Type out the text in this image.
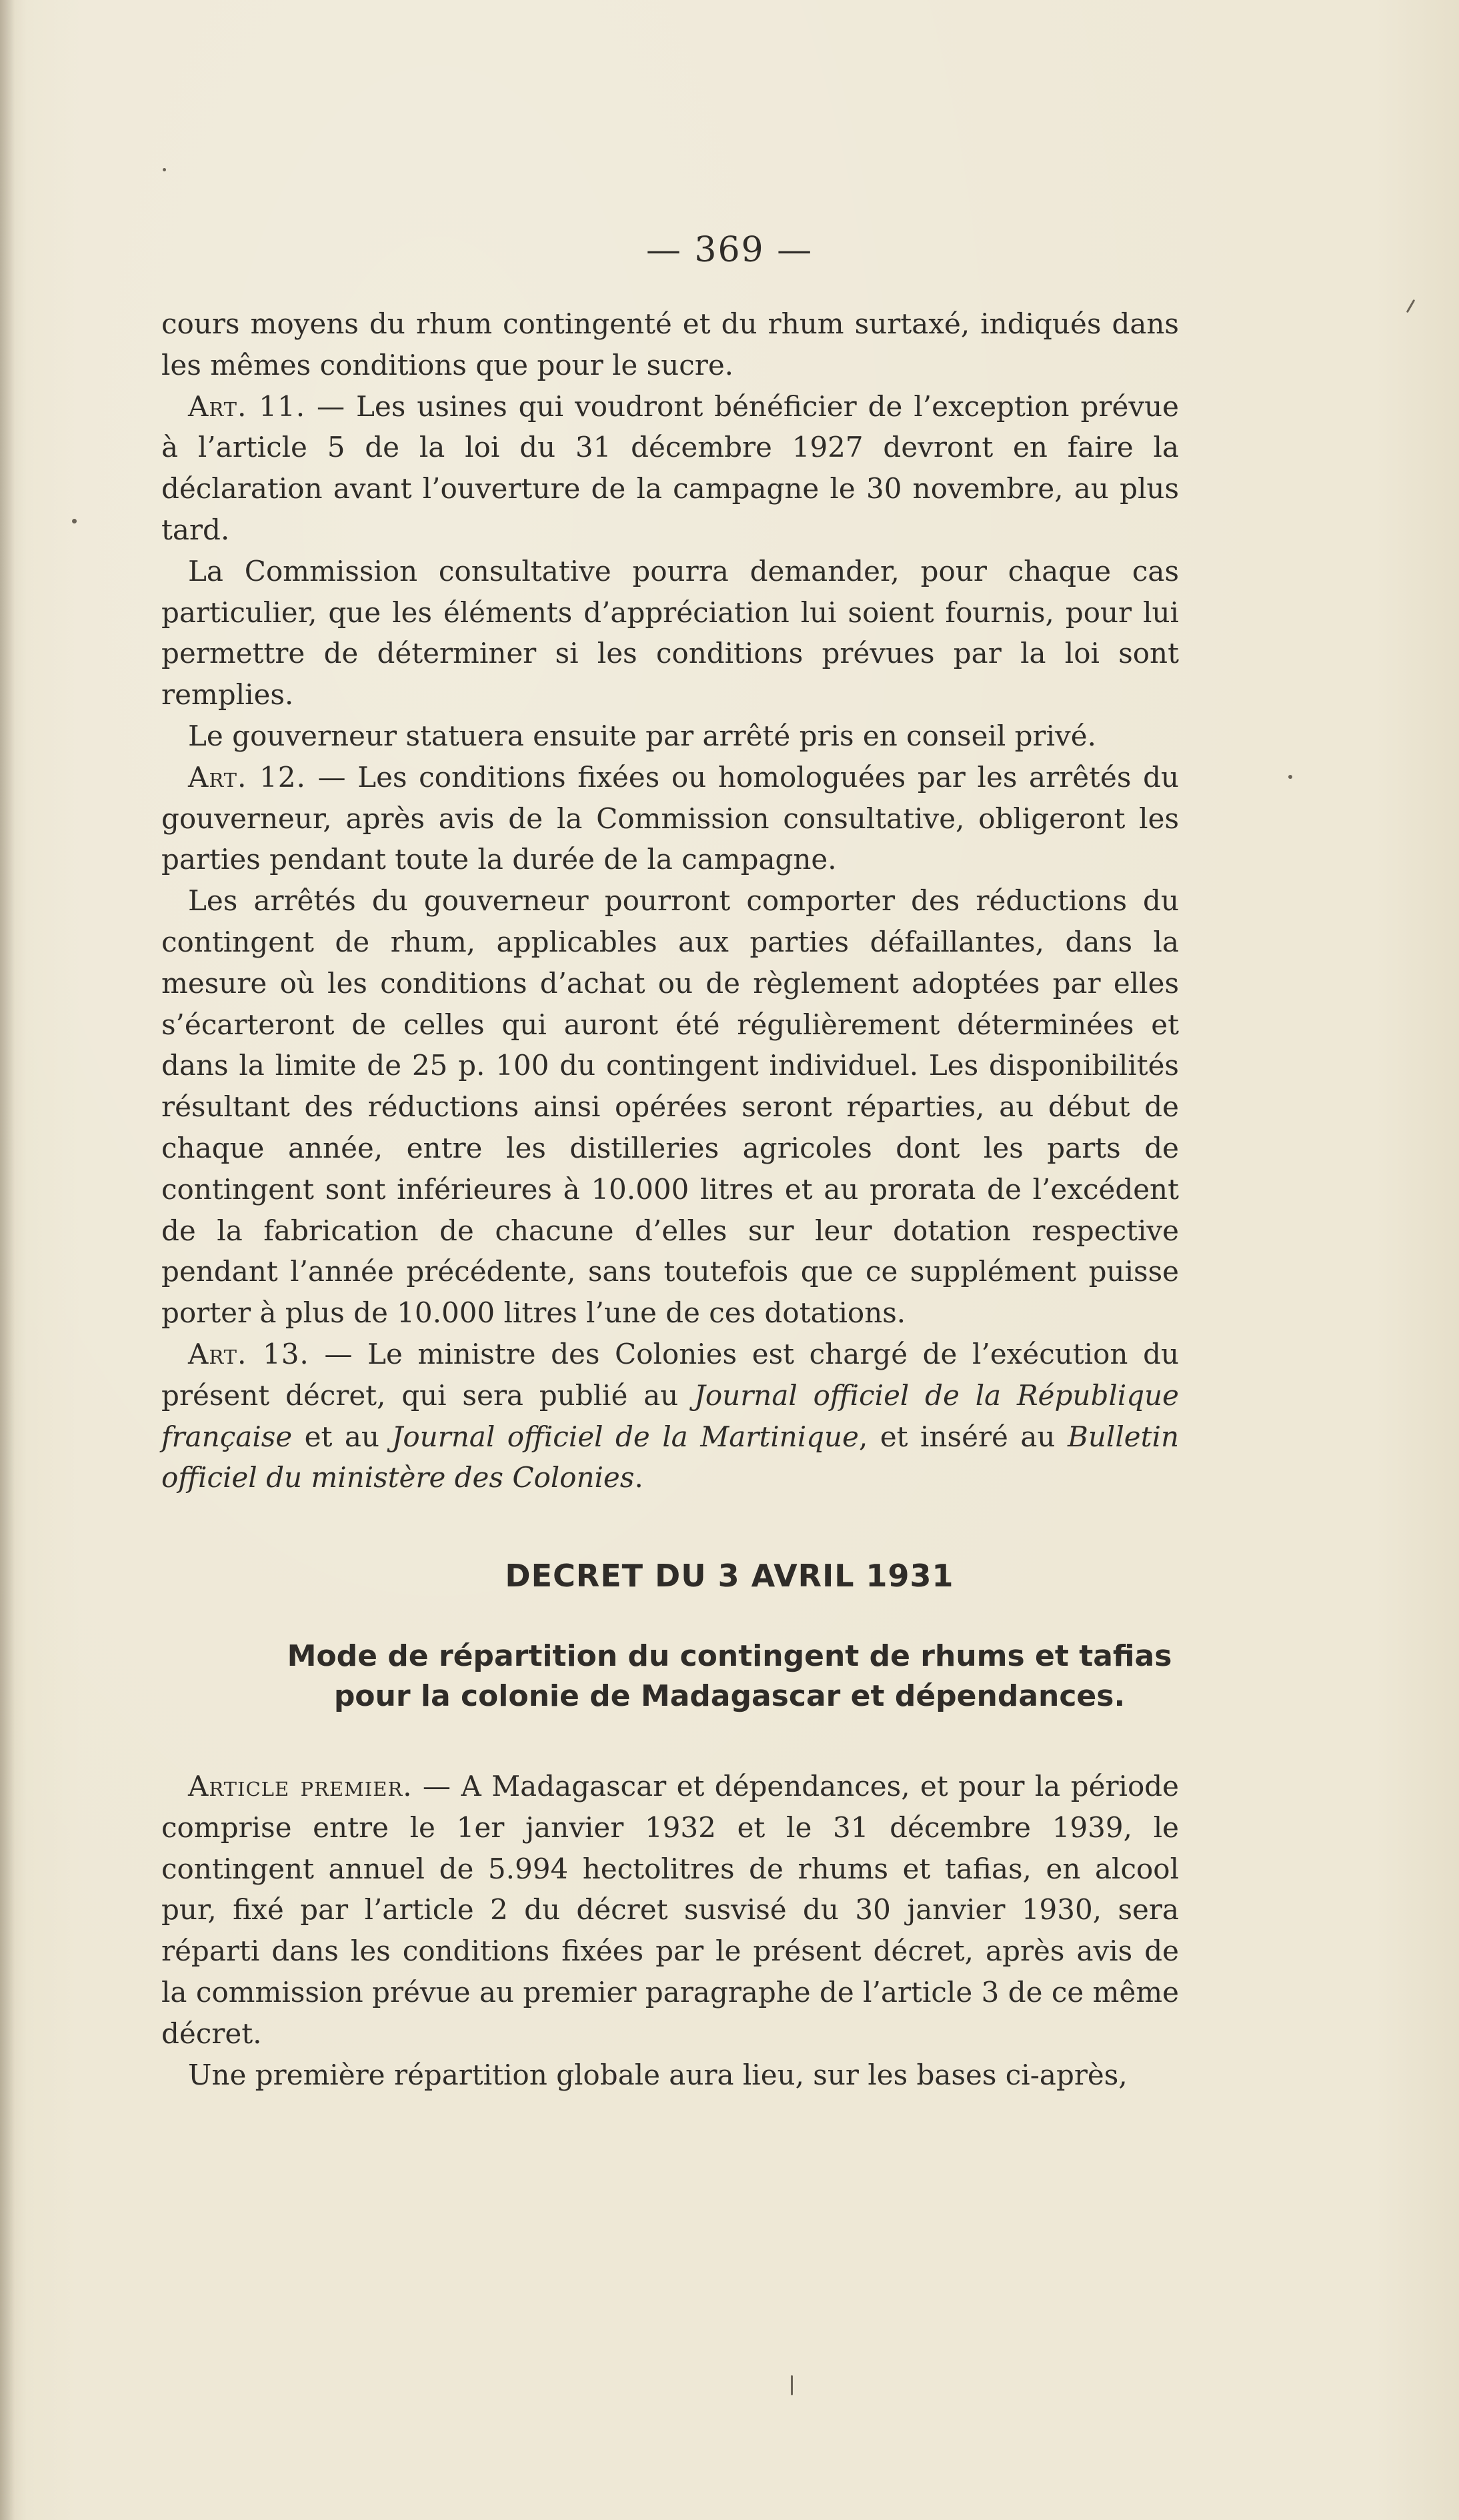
— 369 —

cours moyens du rhum contingenté et du rhum surtaxé, indiqués dans les mêmes conditions que pour le sucre.

Art. 11. — Les usines qui voudront bénéficier de l’exception prévue à l’article 5 de la loi du 31 décembre 1927 devront en faire la déclaration avant l’ouverture de la campagne le 30 novembre, au plus tard.

La Commission consultative pourra demander, pour chaque cas particulier, que les éléments d’appréciation lui soient fournis, pour lui permettre de déterminer si les conditions prévues par la loi sont remplies.

Le gouverneur statuera ensuite par arrêté pris en conseil privé.

Art. 12. — Les conditions fixées ou homologuées par les arrêtés du gouverneur, après avis de la Commission consultative, obligeront les parties pendant toute la durée de la campagne.

Les arrêtés du gouverneur pourront comporter des réductions du contingent de rhum, applicables aux parties défaillantes, dans la mesure où les conditions d’achat ou de règlement adoptées par elles s’écarteront de celles qui auront été régulièrement déterminées et dans la limite de 25 p. 100 du contingent individuel. Les disponibilités résultant des réductions ainsi opérées seront réparties, au début de chaque année, entre les distilleries agricoles dont les parts de contingent sont inférieures à 10.000 litres et au prorata de l’excédent de la fabrication de chacune d’elles sur leur dotation respective pendant l’année précédente, sans toutefois que ce supplément puisse porter à plus de 10.000 litres l’une de ces dotations.

Art. 13. — Le ministre des Colonies est chargé de l’exécution du présent décret, qui sera publié au Journal officiel de la République française et au Journal officiel de la Martinique, et inséré au Bulletin officiel du ministère des Colonies.

DECRET DU 3 AVRIL 1931
Mode de répartition du contingent de rhums et tafias
pour la colonie de Madagascar et dépendances.

Article premier. — A Madagascar et dépendances, et pour la période comprise entre le 1er janvier 1932 et le 31 décembre 1939, le contingent annuel de 5.994 hectolitres de rhums et tafias, en alcool pur, fixé par l’article 2 du décret susvisé du 30 janvier 1930, sera réparti dans les conditions fixées par le présent décret, après avis de la commission prévue au premier paragraphe de l’article 3 de ce même décret.

Une première répartition globale aura lieu, sur les bases ci-après,
